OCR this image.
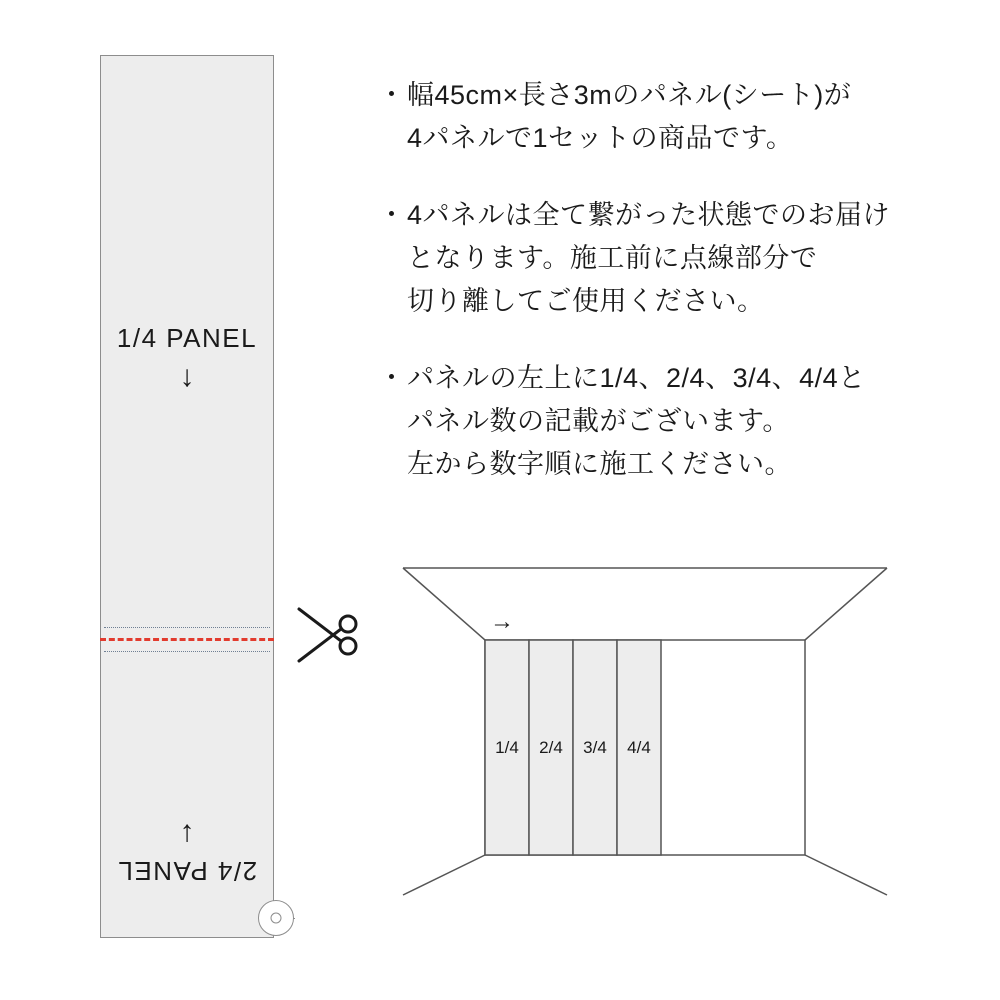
1/4 PANEL
↓
↑
2/4 PANEL
・ 幅45cm×長さ3mのパネル(シート)が
4パネルで1セットの商品です。
・ 4パネルは全て繋がった状態でのお届け
となります。施工前に点線部分で
切り離してご使用ください。
・ パネルの左上に1/4、2/4、3/4、4/4と
パネル数の記載がございます。
左から数字順に施工ください。
→
1/4	2/4	3/4	4/4
